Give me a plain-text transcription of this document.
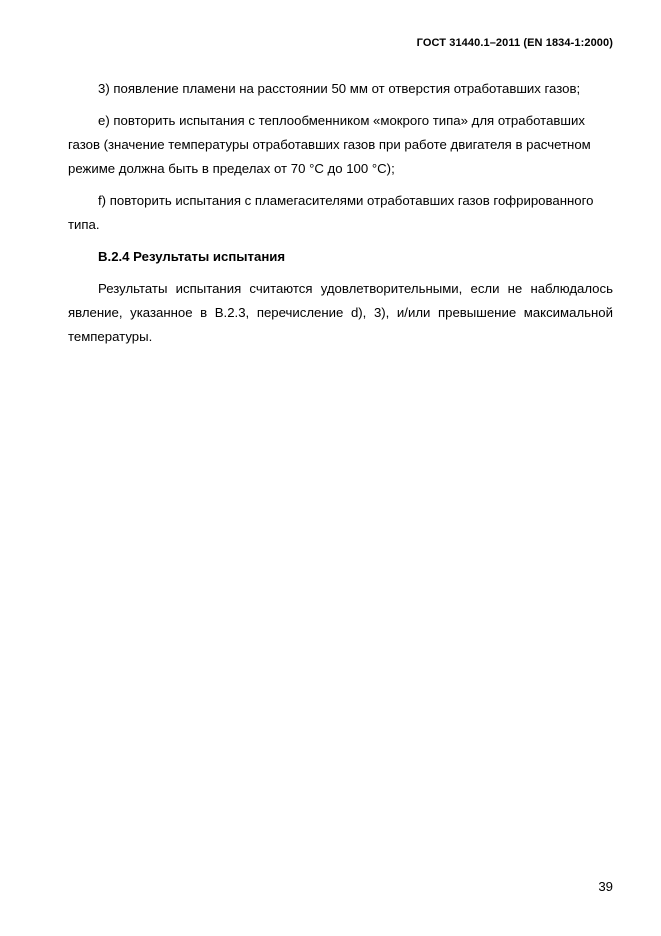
ГОСТ 31440.1–2011 (EN 1834-1:2000)

3) появление пламени на расстоянии 50 мм от отверстия отработавших газов;

e) повторить испытания с теплообменником «мокрого типа» для отработавших газов (значение температуры отработавших газов при работе двигателя в расчетном режиме должна быть в пределах от 70 °С до 100 °С);

f) повторить испытания с пламегасителями отработавших газов гофрированного типа.

B.2.4 Результаты испытания

Результаты испытания считаются удовлетворительными, если не наблюдалось явление, указанное в B.2.3, перечисление d), 3), и/или превышение максимальной температуры.

39
